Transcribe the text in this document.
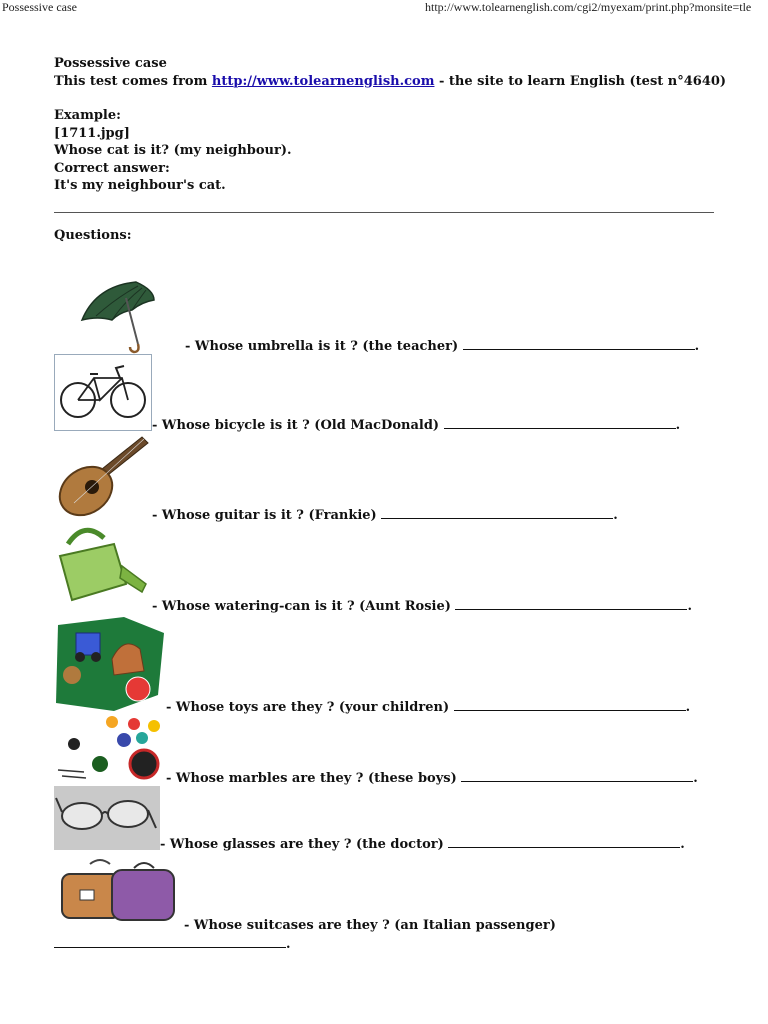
Possessive case	http://www.tolearnenglish.com/cgi2/myexam/print.php?monsite=tle
Possessive case
This test comes from http://www.tolearnenglish.com - the site to learn English (test n°4640)
Example:
[1711.jpg]
Whose cat is it? (my neighbour).
Correct answer:
It's my neighbour's cat.
Questions:
- Whose umbrella is it ? (the teacher)	.
- Whose bicycle is it ? (Old MacDonald)	.
- Whose guitar is it ? (Frankie)	.
- Whose watering-can is it ? (Aunt Rosie)	.
- Whose toys are they ? (your children)	.
- Whose marbles are they ? (these boys)	.
- Whose glasses are they ? (the doctor)	.
- Whose suitcases are they ? (an Italian passenger)
.
